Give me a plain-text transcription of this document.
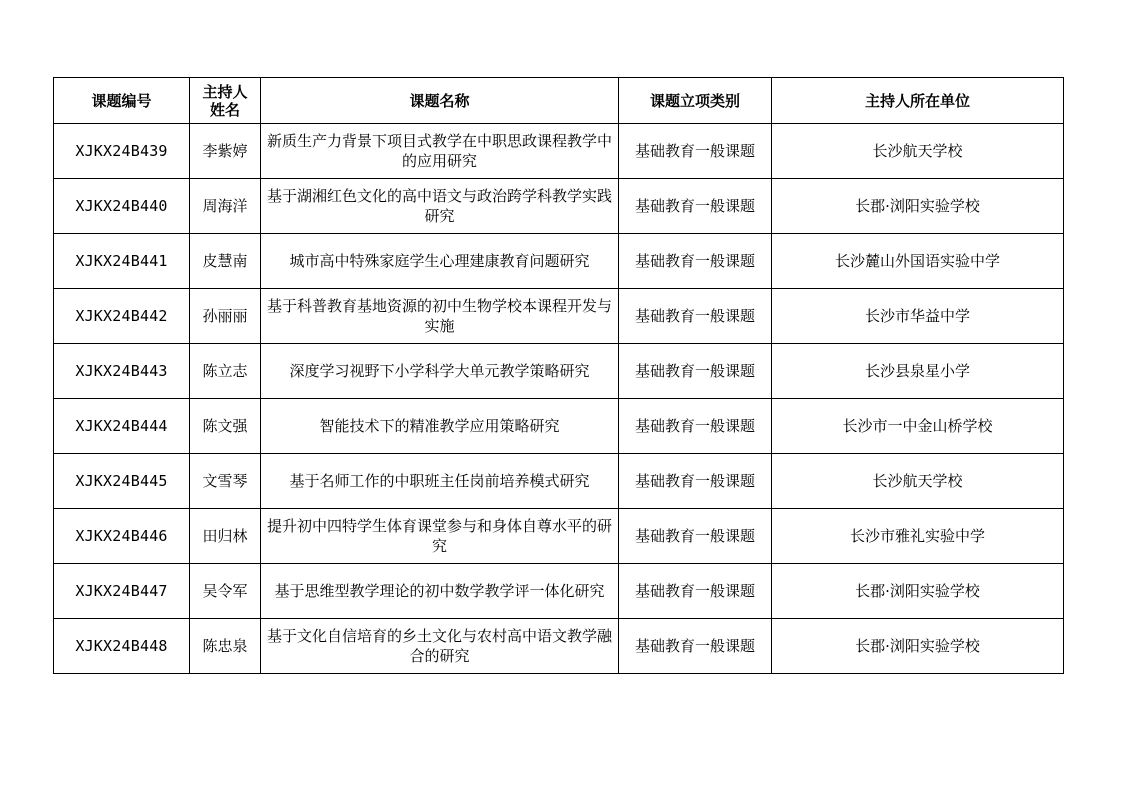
课题编号	主持人姓名	课题名称	课题立项类别	主持人所在单位
XJKX24B439	李紫婷	新质生产力背景下项目式教学在中职思政课程教学中的应用研究	基础教育一般课题	长沙航天学校
XJKX24B440	周海洋	基于湖湘红色文化的高中语文与政治跨学科教学实践研究	基础教育一般课题	长郡·浏阳实验学校
XJKX24B441	皮慧南	城市高中特殊家庭学生心理建康教育问题研究	基础教育一般课题	长沙麓山外国语实验中学
XJKX24B442	孙丽丽	基于科普教育基地资源的初中生物学校本课程开发与实施	基础教育一般课题	长沙市华益中学
XJKX24B443	陈立志	深度学习视野下小学科学大单元教学策略研究	基础教育一般课题	长沙县泉星小学
XJKX24B444	陈文强	智能技术下的精准教学应用策略研究	基础教育一般课题	长沙市一中金山桥学校
XJKX24B445	文雪琴	基于名师工作的中职班主任岗前培养模式研究	基础教育一般课题	长沙航天学校
XJKX24B446	田归林	提升初中四特学生体育课堂参与和身体自尊水平的研究	基础教育一般课题	长沙市雅礼实验中学
XJKX24B447	吴令军	基于思维型教学理论的初中数学教学评一体化研究	基础教育一般课题	长郡·浏阳实验学校
XJKX24B448	陈忠泉	基于文化自信培育的乡土文化与农村高中语文教学融合的研究	基础教育一般课题	长郡·浏阳实验学校
